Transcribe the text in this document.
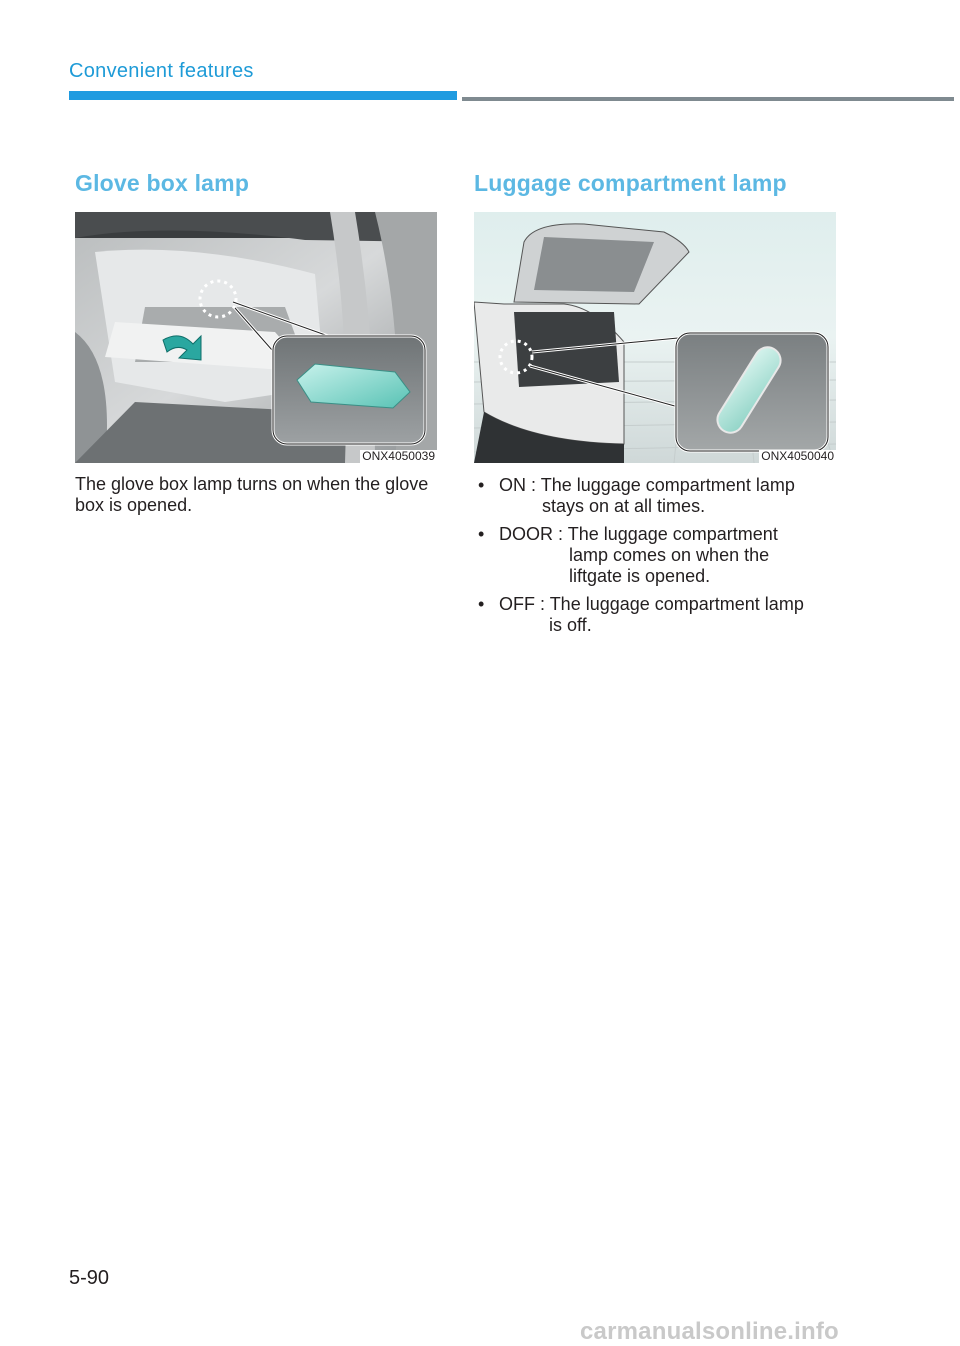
Convenient features
Glove box lamp
ONX4050039
The glove box lamp turns on when the glove box is opened.
Luggage compartment lamp
ONX4050040
• ON : The luggage compartment lamp
stays on at all times.
• DOOR : The luggage compartment
lamp comes on when the
liftgate is opened.
• OFF : The luggage compartment lamp
is off.
5-90
carmanualsonline.info
